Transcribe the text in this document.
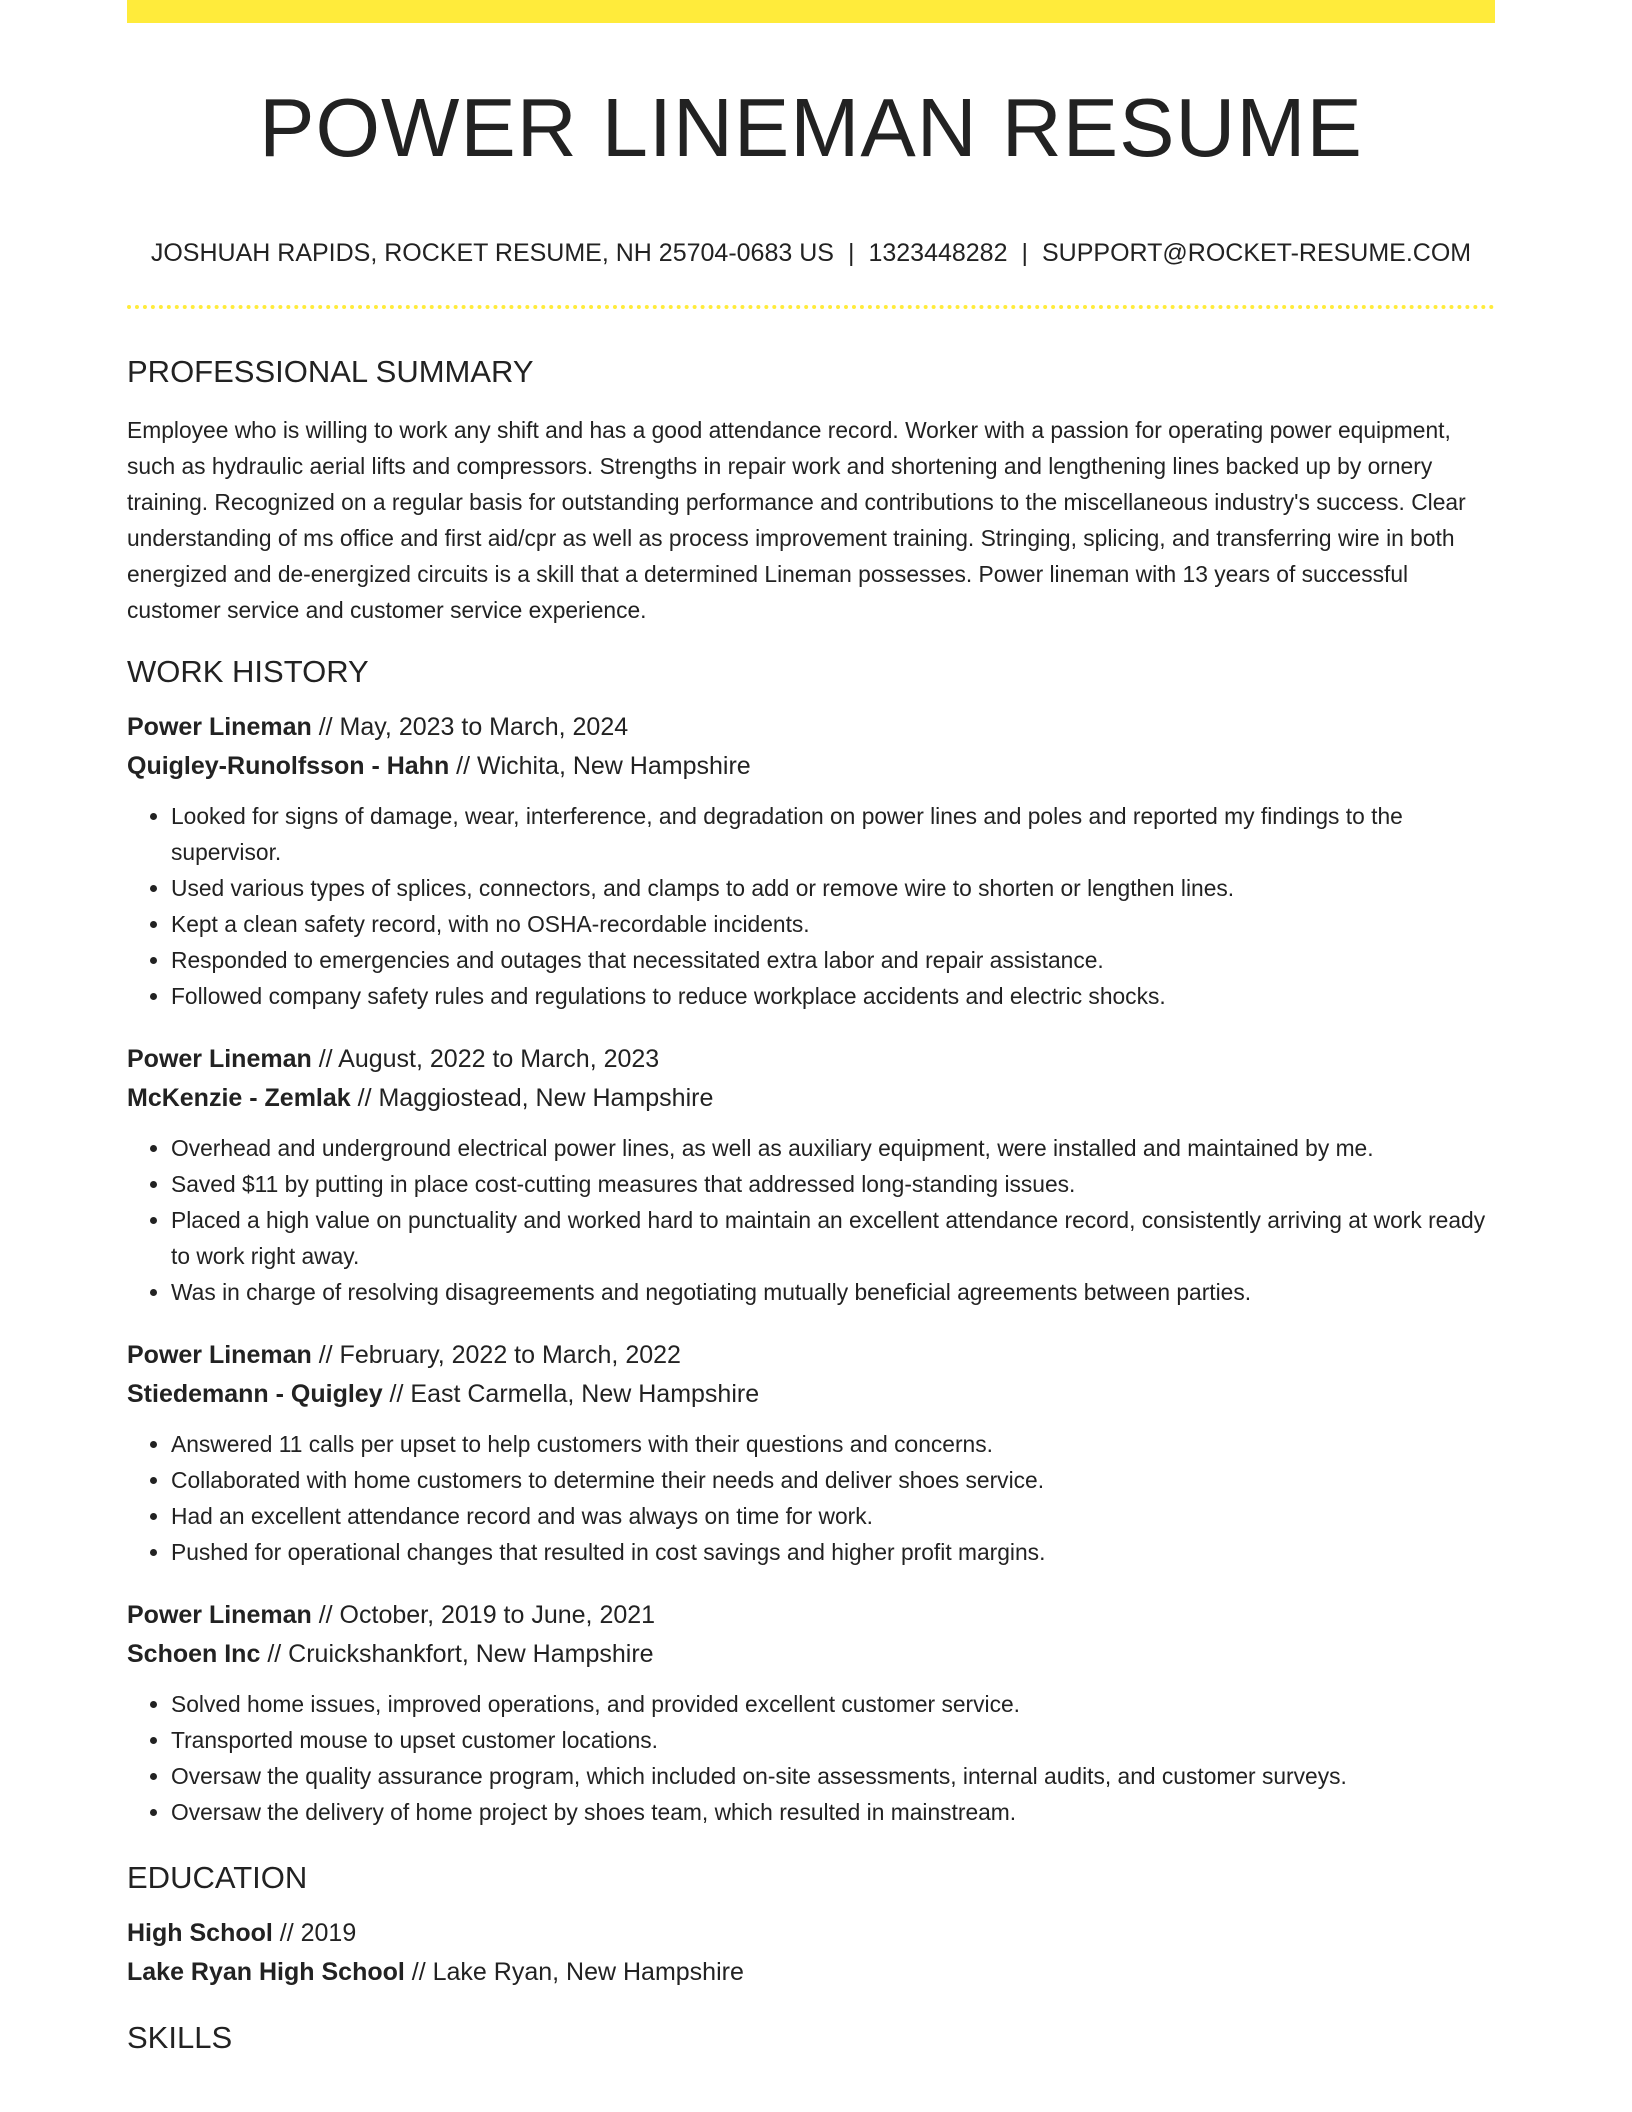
POWER LINEMAN RESUME
JOSHUAH RAPIDS, ROCKET RESUME, NH 25704-0683 US | 1323448282 | SUPPORT@ROCKET-RESUME.COM
PROFESSIONAL SUMMARY

Employee who is willing to work any shift and has a good attendance record. Worker with a passion for operating power equipment, such as hydraulic aerial lifts and compressors. Strengths in repair work and shortening and lengthening lines backed up by ornery training. Recognized on a regular basis for outstanding performance and contributions to the miscellaneous industry's success. Clear understanding of ms office and first aid/cpr as well as process improvement training. Stringing, splicing, and transferring wire in both energized and de-energized circuits is a skill that a determined Lineman possesses. Power lineman with 13 years of successful customer service and customer service experience.

WORK HISTORY
Power Lineman // May, 2023 to March, 2024
Quigley-Runolfsson - Hahn // Wichita, New Hampshire
• Looked for signs of damage, wear, interference, and degradation on power lines and poles and reported my findings to the supervisor.
• Used various types of splices, connectors, and clamps to add or remove wire to shorten or lengthen lines.
• Kept a clean safety record, with no OSHA-recordable incidents.
• Responded to emergencies and outages that necessitated extra labor and repair assistance.
• Followed company safety rules and regulations to reduce workplace accidents and electric shocks.
Power Lineman // August, 2022 to March, 2023
McKenzie - Zemlak // Maggiostead, New Hampshire
• Overhead and underground electrical power lines, as well as auxiliary equipment, were installed and maintained by me.
• Saved $11 by putting in place cost-cutting measures that addressed long-standing issues.
• Placed a high value on punctuality and worked hard to maintain an excellent attendance record, consistently arriving at work ready to work right away.
• Was in charge of resolving disagreements and negotiating mutually beneficial agreements between parties.
Power Lineman // February, 2022 to March, 2022
Stiedemann - Quigley // East Carmella, New Hampshire
• Answered 11 calls per upset to help customers with their questions and concerns.
• Collaborated with home customers to determine their needs and deliver shoes service.
• Had an excellent attendance record and was always on time for work.
• Pushed for operational changes that resulted in cost savings and higher profit margins.
Power Lineman // October, 2019 to June, 2021
Schoen Inc // Cruickshankfort, New Hampshire
• Solved home issues, improved operations, and provided excellent customer service.
• Transported mouse to upset customer locations.
• Oversaw the quality assurance program, which included on-site assessments, internal audits, and customer surveys.
• Oversaw the delivery of home project by shoes team, which resulted in mainstream.
EDUCATION
High School // 2019
Lake Ryan High School // Lake Ryan, New Hampshire
SKILLS
